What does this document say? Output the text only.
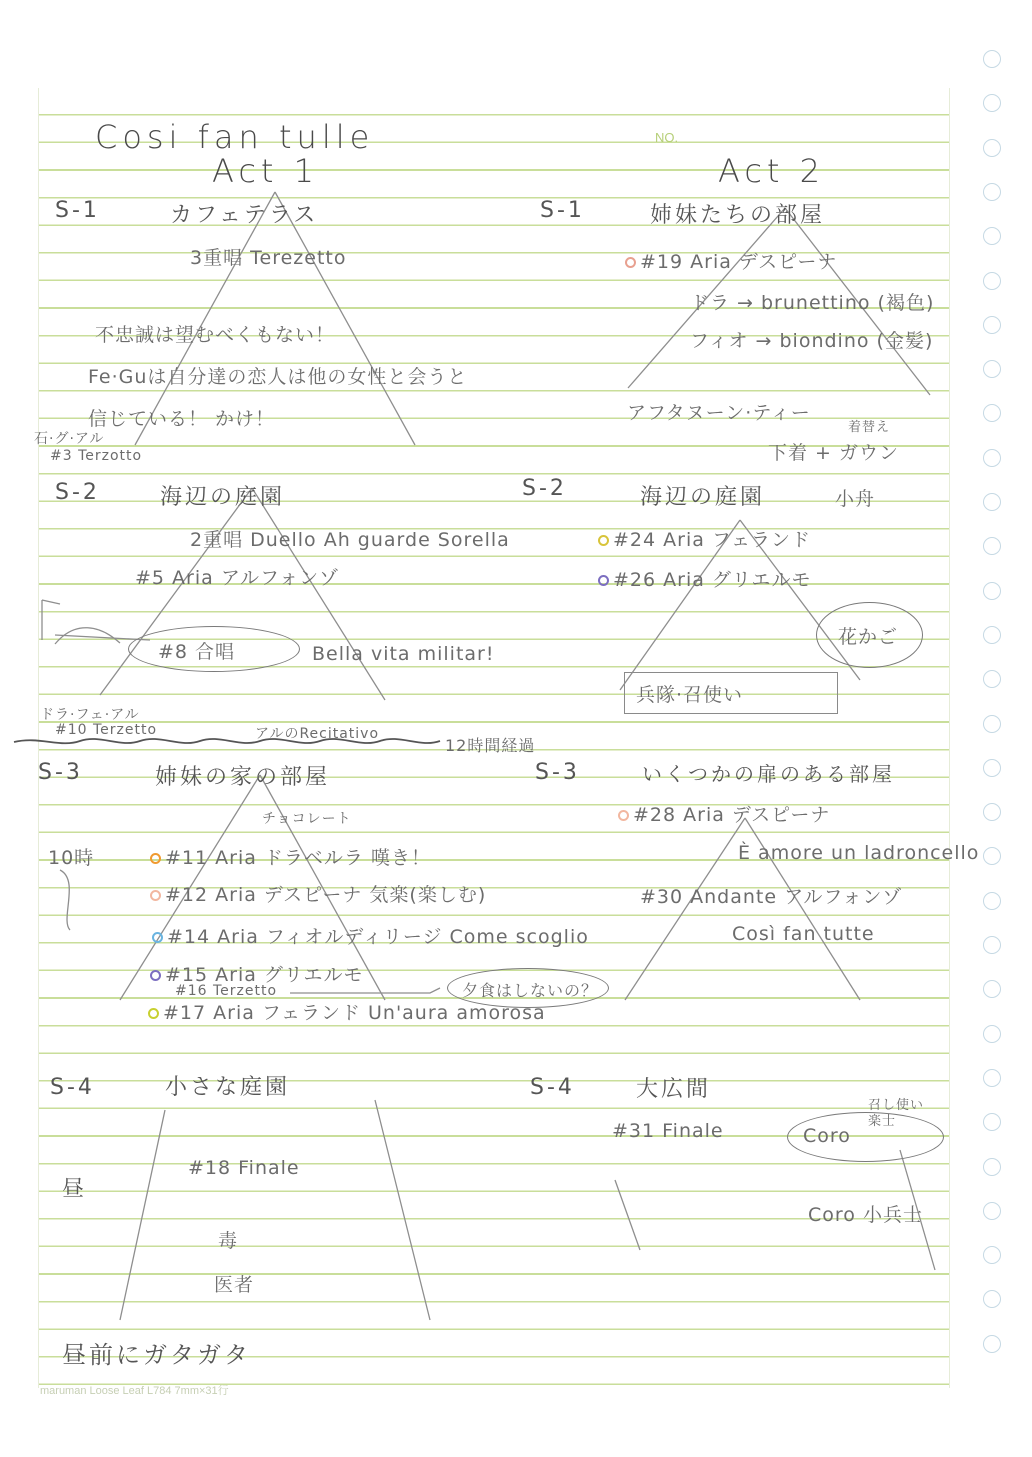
NO.
Cosi fan tulle
Act 1	Act 2
S-1	カフェテラス
3重唱 Terezetto
不忠誠は望むべくもない！
Fe·Guは自分達の恋人は他の女性と会うと
信じている！ かけ！
石·グ·アル
#3 Terzotto
S-2	海辺の庭園
2重唱 Duello Ah guarde Sorella
#5 Aria アルフォンゾ
#8 合唱	Bella vita militar!
ドラ·フェ·アル
#10 Terzetto	アルのRecitativo
12時間経過
S-3	姉妹の家の部屋
チョコレート
10時	#11 Aria ドラベルラ 嘆き！
#12 Aria デスピーナ 気楽(楽しむ)
#14 Aria フィオルディリージ Come scoglio
#15 Aria グリエルモ
#16 Terzetto	夕食はしないの？
#17 Aria フェランド Un'aura amorosa
S-4	小さな庭園
#18 Finale
毒
医者
昼
昼前にガタガタ
S-1	姉妹たちの部屋
#19 Aria デスピーナ
ドラ → brunettino (褐色)
フィオ → biondino (金髪)
アフタヌーン·ティー
下着 + ガウン
着替え
S-2	海辺の庭園	小舟
#24 Aria フェランド
#26 Aria グリエルモ
花かご
兵隊·召使い
S-3	いくつかの扉のある部屋
#28 Aria デスピーナ
È amore un ladroncello
#30 Andante アルフォンゾ
Così fan tutte
S-4	大広間
#31 Finale	Coro
召し使い 楽士
Coro 小兵士
maruman Loose Leaf L784 7mm×31行
